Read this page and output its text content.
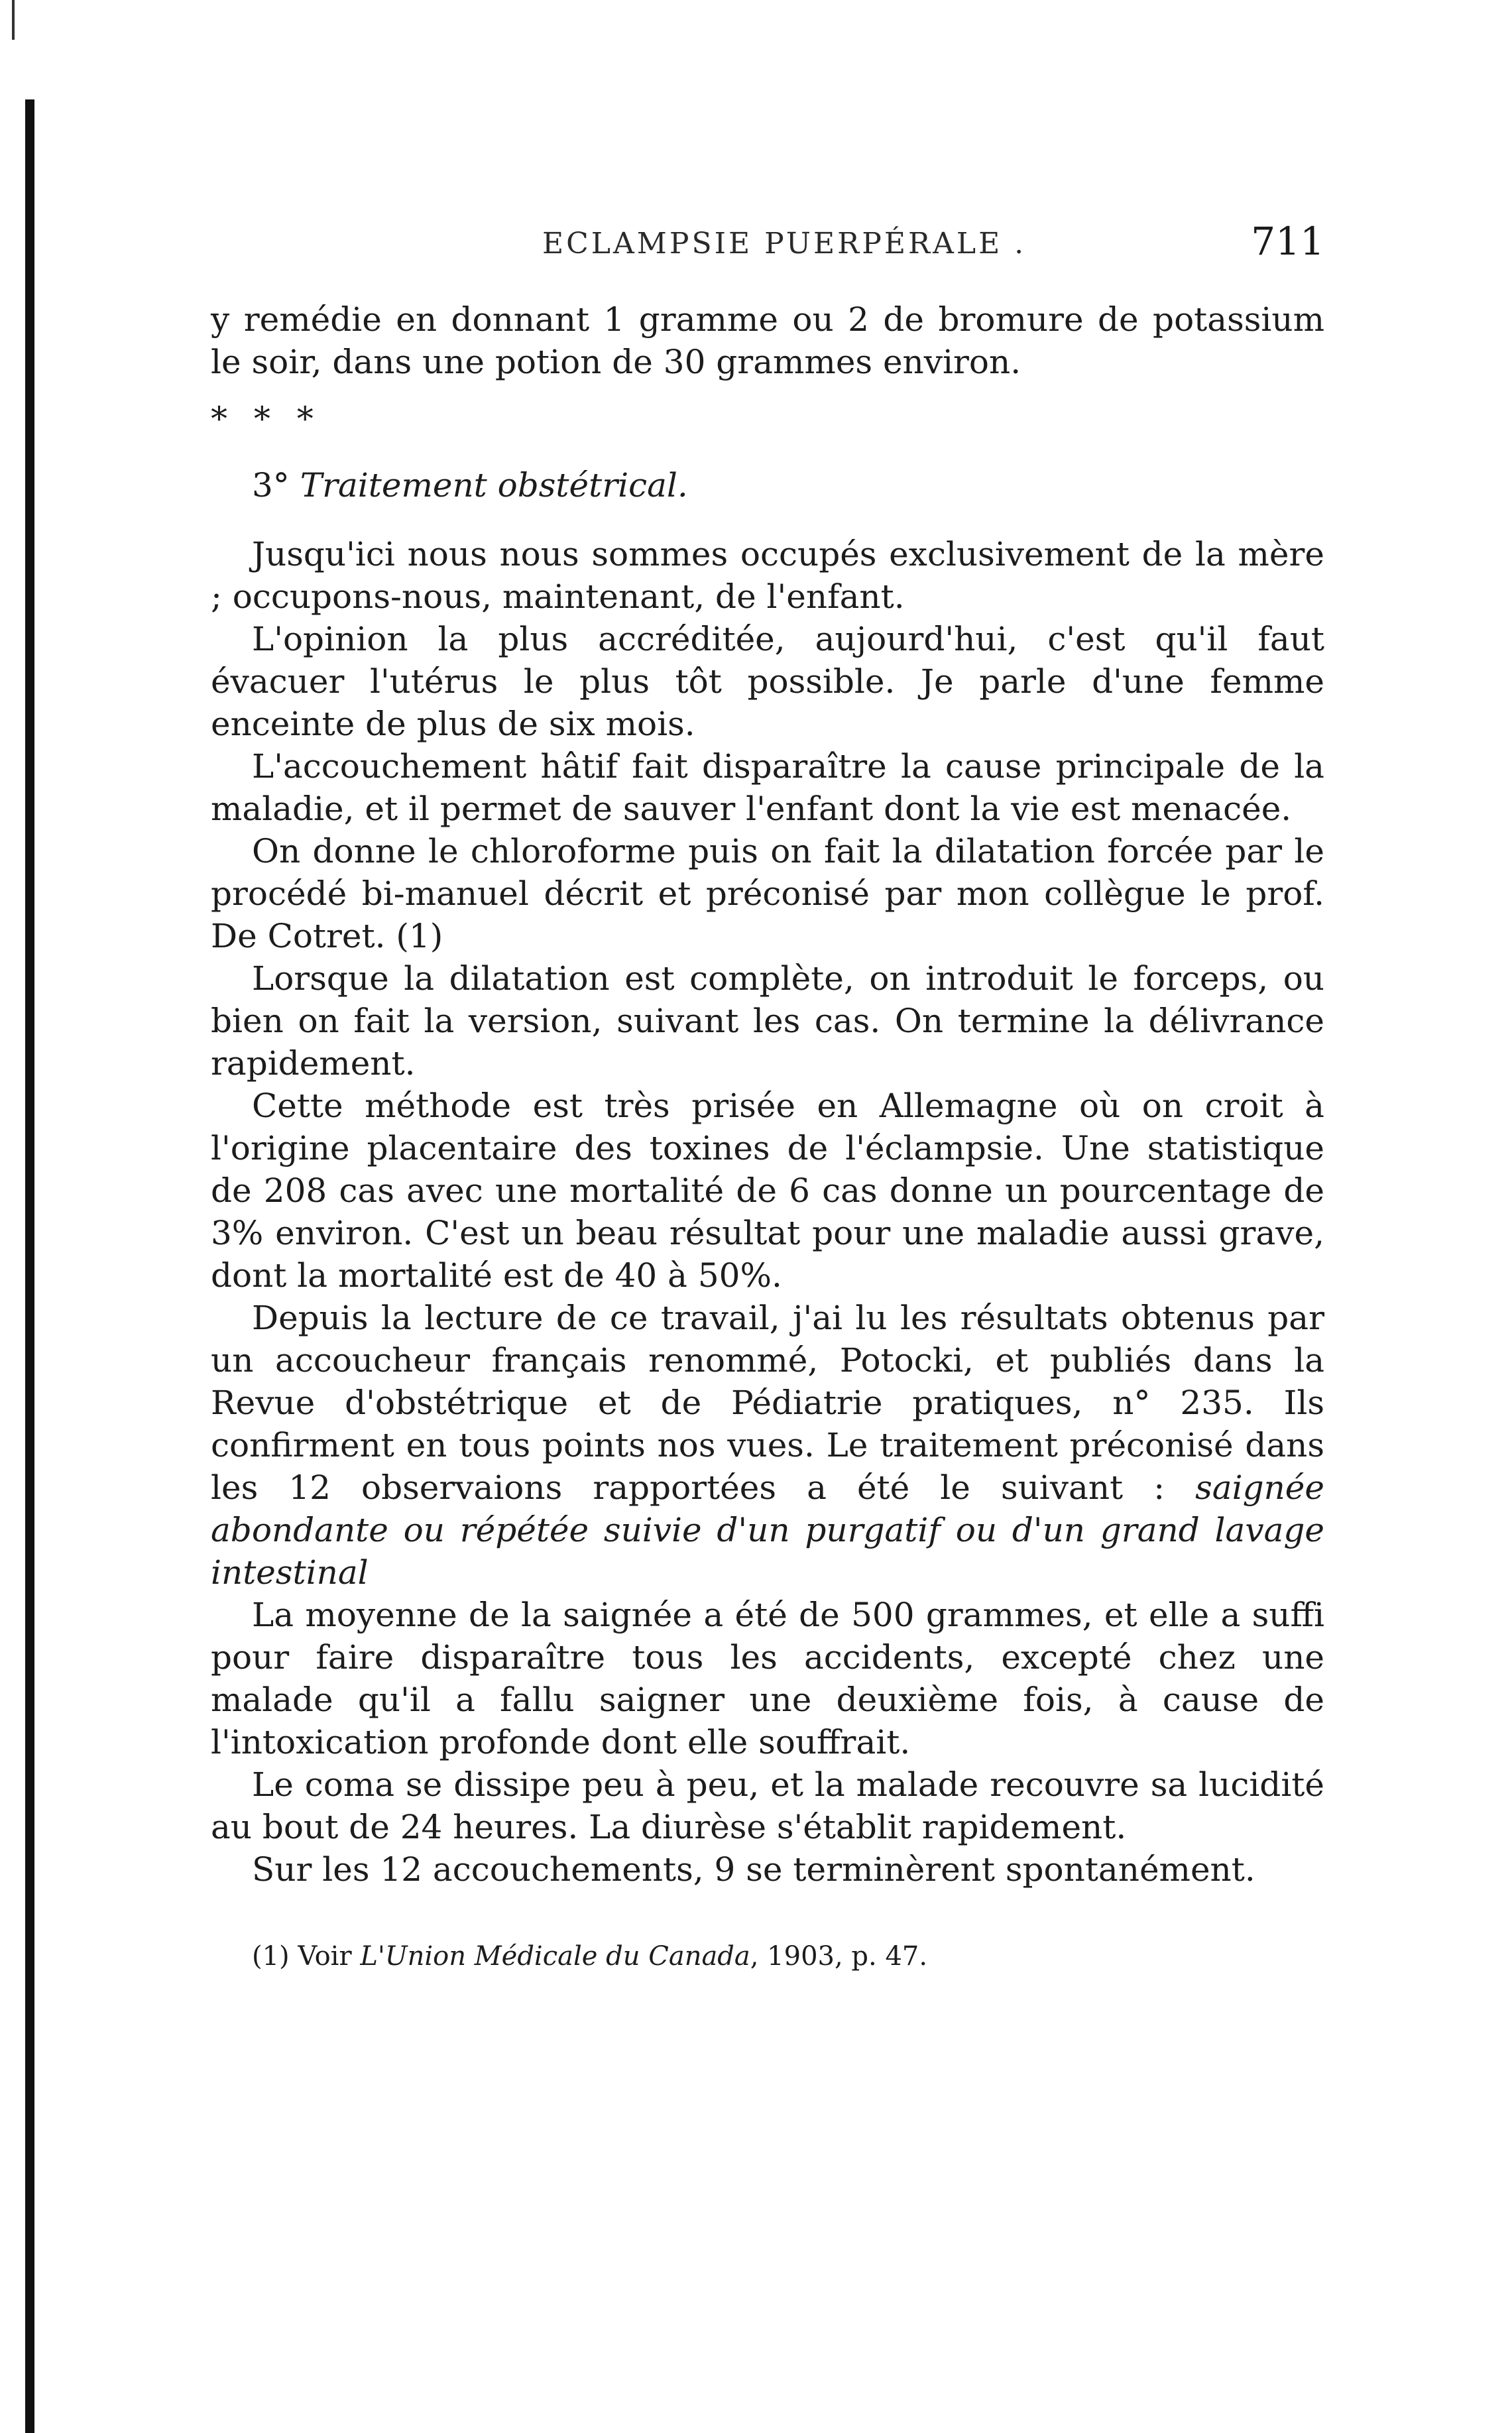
ECLAMPSIE PUERPÉRALE .	711

y remédie en donnant 1 gramme ou 2 de bromure de potassium le soir, dans une potion de 30 grammes environ.

* * *

3° Traitement obstétrical.

Jusqu'ici nous nous sommes occupés exclusivement de la mère ; occupons-nous, maintenant, de l'enfant.

L'opinion la plus accréditée, aujourd'hui, c'est qu'il faut évacuer l'utérus le plus tôt possible. Je parle d'une femme enceinte de plus de six mois.

L'accouchement hâtif fait disparaître la cause principale de la maladie, et il permet de sauver l'enfant dont la vie est menacée.

On donne le chloroforme puis on fait la dilatation forcée par le procédé bi-manuel décrit et préconisé par mon collègue le prof. De Cotret. (1)

Lorsque la dilatation est complète, on introduit le forceps, ou bien on fait la version, suivant les cas. On termine la délivrance rapidement.

Cette méthode est très prisée en Allemagne où on croit à l'origine placentaire des toxines de l'éclampsie. Une statistique de 208 cas avec une mortalité de 6 cas donne un pourcentage de 3% environ. C'est un beau résultat pour une maladie aussi grave, dont la mortalité est de 40 à 50%.

Depuis la lecture de ce travail, j'ai lu les résultats obtenus par un accoucheur français renommé, Potocki, et publiés dans la Revue d'obstétrique et de Pédiatrie pratiques, n° 235. Ils confirment en tous points nos vues. Le traitement préconisé dans les 12 observaions rapportées a été le suivant : saignée abondante ou répétée suivie d'un purgatif ou d'un grand lavage intestinal

La moyenne de la saignée a été de 500 grammes, et elle a suffi pour faire disparaître tous les accidents, excepté chez une malade qu'il a fallu saigner une deuxième fois, à cause de l'intoxication profonde dont elle souffrait.

Le coma se dissipe peu à peu, et la malade recouvre sa lucidité au bout de 24 heures. La diurèse s'établit rapidement.

Sur les 12 accouchements, 9 se terminèrent spontanément.

(1) Voir L'Union Médicale du Canada, 1903, p. 47.
